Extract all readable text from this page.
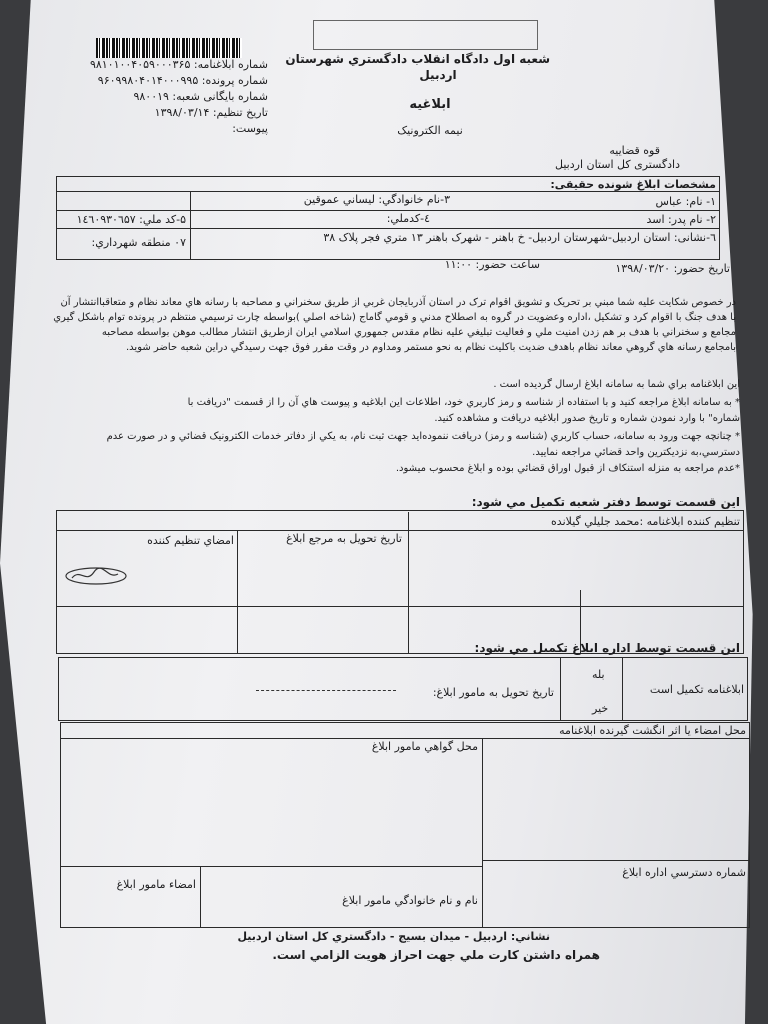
شماره ابلاغنامه: ۹۸۱۰۱۰۰۴۰۵۹۰۰۰۳۶۵
شماره پرونده: ۹۶۰۹۹۸۰۴۰۱۴۰۰۰۹۹۵
شماره بایگانی شعبه: ۹۸۰۰۱۹
تاریخ تنظیم: ۱۳۹۸/۰۳/۱۴
پیوست:
شعبه اول دادگاه انقلاب دادگستري شهرستان
اردبیل
ابلاغیه
نیمه الکترونیک
قوه قضاییه
دادگستری کل استان اردبیل
مشخصات ابلاغ شونده حقیقی:
۱- نام: عباس
۳-نام خانوادگي: لیساني عموقین
۲- نام پدر: اسد
٤-کدملي:
۵-کد ملي: ۱٤٦۰۹۳۰٦۵۷
٦-نشانی: استان اردبیل-شهرستان اردبیل- خ باهنر - شهرک باهنر ۱۳ متري فجر پلاک ۳۸
۰۷ منطقه شهرداري:
تاریخ حضور: ۱۳۹۸/۰۳/۲۰
ساعت حضور: ۱۱:۰۰
در خصوص شکایت علیه شما مبني بر تحریک و تشویق اقوام ترک در استان آذربایجان غربي از طریق سخنراني و مصاحبه با رسانه هاي معاند نظام و متعاقباانتشار آن
با هدف جنگ با اقوام کرد و تشکیل ،اداره وعضویت در گروه به اصطلاح مدني و قومي گاماج (شاخه اصلي )بواسطه چارت ترسیمي منتظم در پرونده توام باشکل گیري
مجامع و سخنراني با هدف بر هم زدن امنیت ملي و فعالیت تبلیغي علیه نظام مقدس جمهوري اسلامي ایران ازطریق انتشار مطالب موهن بواسطه مصاحبه
بامجامع رسانه هاي گروهي معاند نظام باهدف ضدیت باکلیت نظام به نحو مستمر ومداوم در وقت مقرر فوق جهت رسیدگي دراین شعبه حاضر شوید.
این ابلاغنامه براي شما به سامانه ابلاغ ارسال گردیده است .
* به سامانه ابلاغ مراجعه کنید و با استفاده از شناسه و رمز کاربري خود، اطلاعات این ابلاغیه و پیوست هاي آن را از قسمت "دریافت با
شماره" با وارد نمودن شماره و تاریخ صدور ابلاغیه دریافت و مشاهده کنید.
* چنانچه جهت ورود به سامانه، حساب کاربري (شناسه و رمز) دریافت ننموده‌اید جهت ثبت نام، به یکي از دفاتر خدمات الکترونیک قضائي و در صورت عدم
دسترسي،به نزدیکترین واحد قضائي مراجعه نمایید.
*عدم مراجعه به منزله استنکاف از قبول اوراق قضائي بوده و ابلاغ محسوب ميشود.
این قسمت توسط دفتر شعبه تکمیل مي شود:
تنظیم کننده ابلاغنامه :محمد جلیلي گیلانده
تاریخ تحویل به مرجع ابلاغ
امضاي تنظیم کننده
این قسمت توسط اداره ابلاغ تکمیل مي شود:
ابلاغنامه تکمیل است
بله
خیر
تاریخ تحویل به مامور ابلاغ:
محل امضاء یا اثر انگشت گیرنده ابلاغنامه
محل گواهي مامور ابلاغ
شماره دسترسي اداره ابلاغ
نام و نام خانوادگي مامور ابلاغ
امضاء مامور ابلاغ
نشاني: اردبیل - میدان بسیج - دادگستري کل استان اردبیل
همراه داشتن کارت ملي جهت احراز هويت الزامي است.
